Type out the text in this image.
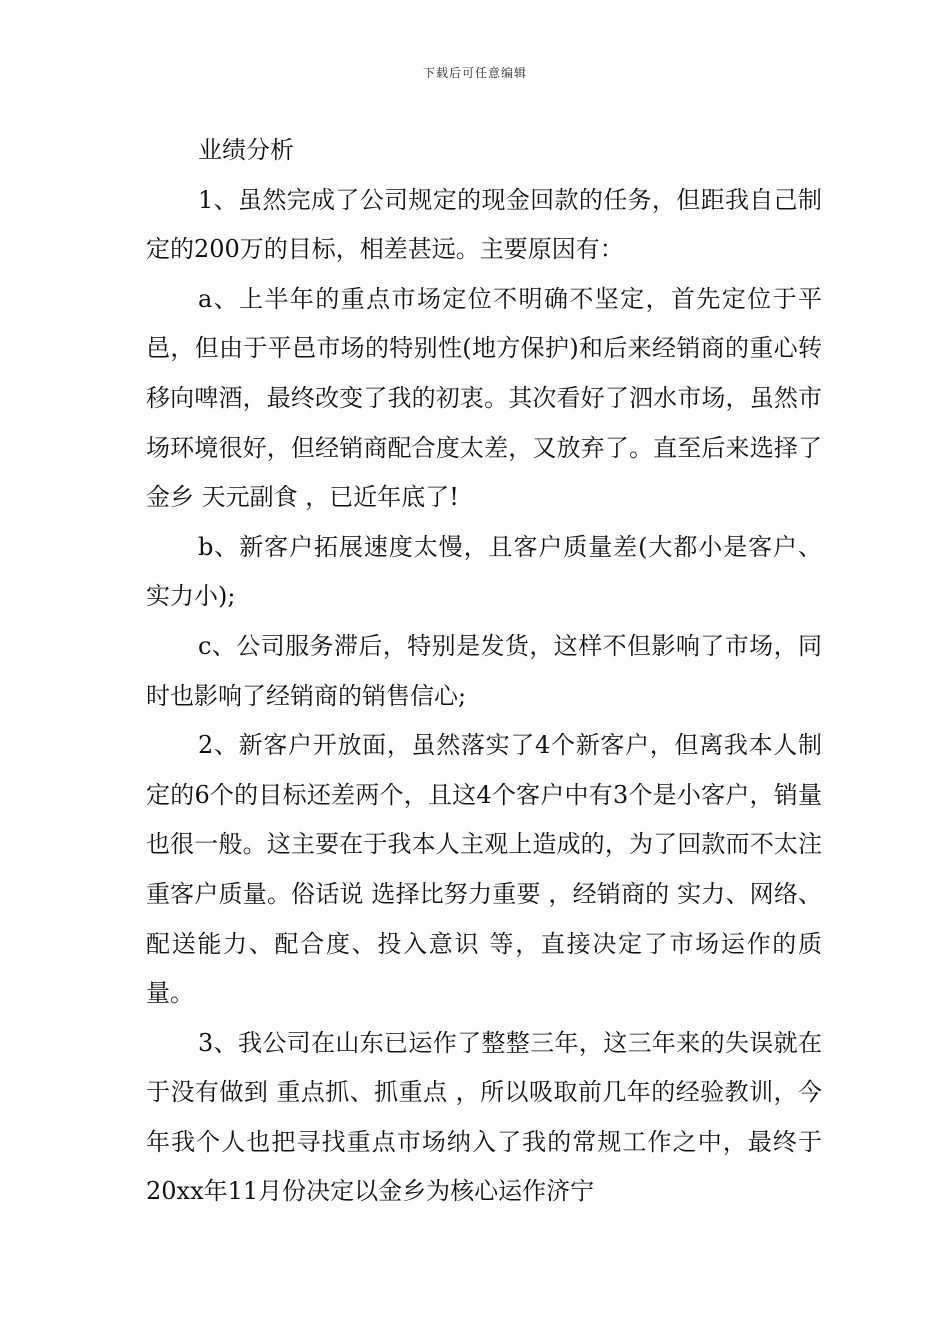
下载后可任意编辑

业绩分析

1、虽然完成了公司规定的现金回款的任务，但距我自己制定的200万的目标，相差甚远。主要原因有：

a、上半年的重点市场定位不明确不坚定，首先定位于平邑，但由于平邑市场的特别性(地方保护)和后来经销商的重心转移向啤酒，最终改变了我的初衷。其次看好了泗水市场，虽然市场环境很好，但经销商配合度太差，又放弃了。直至后来选择了金乡 天元副食 ，已近年底了!

b、新客户拓展速度太慢，且客户质量差(大都小是客户、实力小);

c、公司服务滞后，特别是发货，这样不但影响了市场，同时也影响了经销商的销售信心;

2、新客户开放面，虽然落实了4个新客户，但离我本人制定的6个的目标还差两个，且这4个客户中有3个是小客户，销量也很一般。这主要在于我本人主观上造成的，为了回款而不太注重客户质量。俗话说 选择比努力重要 ，经销商的 实力、网络、配送能力、配合度、投入意识 等，直接决定了市场运作的质量。

3、我公司在山东已运作了整整三年，这三年来的失误就在于没有做到 重点抓、抓重点 ，所以吸取前几年的经验教训，今年我个人也把寻找重点市场纳入了我的常规工作之中，最终于20xx年11月份决定以金乡为核心运作济宁
